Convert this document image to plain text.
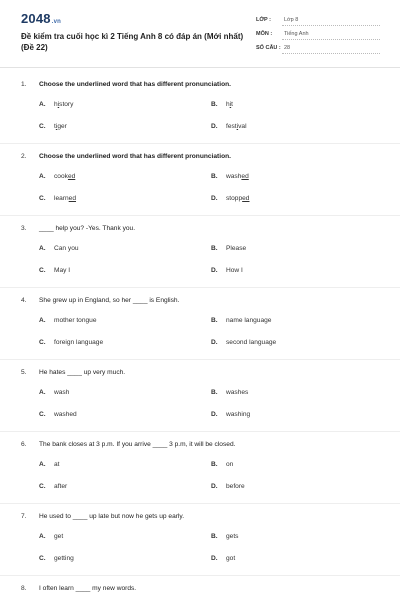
2048.vn
Đề kiểm tra cuối học kì 2 Tiếng Anh 8 có đáp án (Mới nhất) (Đề 22)
LỚP : Lớp 8
MÔN : Tiếng Anh
SỐ CÂU : 28
1. Choose the underlined word that has different pronunciation.
A. history	B. hit
C. tiger	D. festival
2. Choose the underlined word that has different pronunciation.
A. cooked	B. washed
C. learned	D. stopped
3. ____ help you? -Yes. Thank you.
A. Can you	B. Please
C. May I	D. How I
4. She grew up in England, so her ____ is English.
A. mother tongue	B. name language
C. foreign language	D. second language
5. He hates ____ up very much.
A. wash	B. washes
C. washed	D. washing
6. The bank closes at 3 p.m. If you arrive ____ 3 p.m, it will be closed.
A. at	B. on
C. after	D. before
7. He used to ____ up late but now he gets up early.
A. get	B. gets
C. getting	D. got
8. I often learn ____ my new words.
